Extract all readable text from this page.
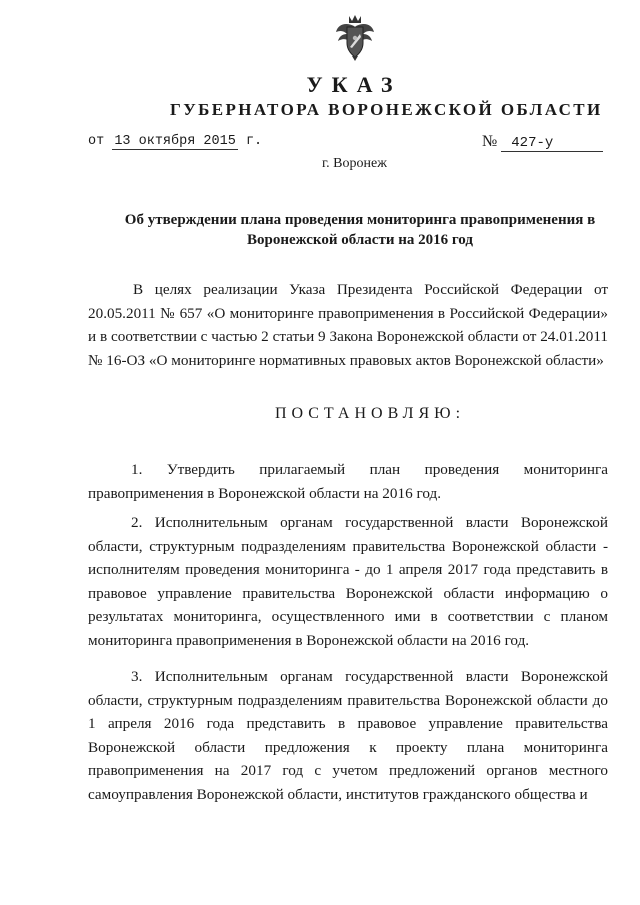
УКАЗ
ГУБЕРНАТОРА ВОРОНЕЖСКОЙ ОБЛАСТИ
от 13 октября 2015 г.	№ 427-у
г. Воронеж
Об утверждении плана проведения мониторинга правоприменения в Воронежской области на 2016 год
В целях реализации Указа Президента Российской Федерации от 20.05.2011 № 657 «О мониторинге правоприменения в Российской Федерации» и в соответствии с частью 2 статьи 9 Закона Воронежской области от 24.01.2011 № 16-ОЗ «О мониторинге нормативных правовых актов Воронежской области»
ПОСТАНОВЛЯЮ:
1. Утвердить прилагаемый план проведения мониторинга правоприменения в Воронежской области на 2016 год.
2. Исполнительным органам государственной власти Воронежской области, структурным подразделениям правительства Воронежской области - исполнителям проведения мониторинга - до 1 апреля 2017 года представить в правовое управление правительства Воронежской области информацию о результатах мониторинга, осуществленного ими в соответствии с планом мониторинга правоприменения в Воронежской области на 2016 год.
3. Исполнительным органам государственной власти Воронежской области, структурным подразделениям правительства Воронежской области до 1 апреля 2016 года представить в правовое управление правительства Воронежской области предложения к проекту плана мониторинга правоприменения на 2017 год с учетом предложений органов местного самоуправления Воронежской области, институтов гражданского общества и
